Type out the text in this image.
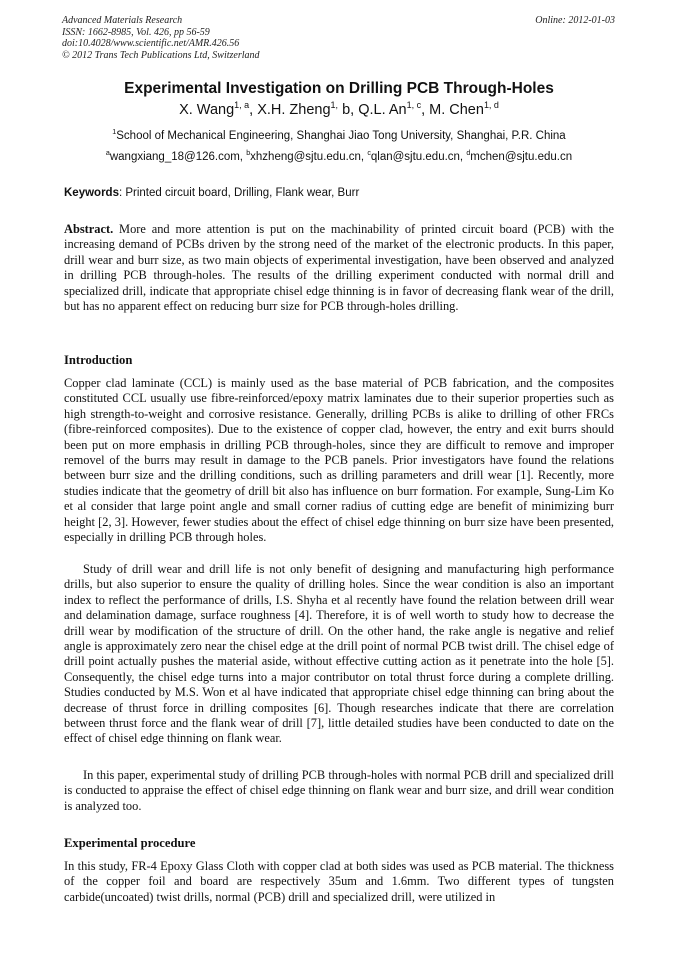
Advanced Materials Research
ISSN: 1662-8985, Vol. 426, pp 56-59
doi:10.4028/www.scientific.net/AMR.426.56
© 2012 Trans Tech Publications Ltd, Switzerland
Online: 2012-01-03
Experimental Investigation on Drilling PCB Through-Holes
X. Wang$^{1, a}$, X.H. Zheng$^{1,}$ b, Q.L. An$^{1, c}$, M. Chen$^{1, d}$
$^1$School of Mechanical Engineering, Shanghai Jiao Tong University, Shanghai, P.R. China
$^a$wangxiang_18@126.com, $^b$xhzheng@sjtu.edu.cn, $^c$qlan@sjtu.edu.cn, $^d$mchen@sjtu.edu.cn
Keywords: Printed circuit board, Drilling, Flank wear, Burr

Abstract. More and more attention is put on the machinability of printed circuit board (PCB) with the increasing demand of PCBs driven by the strong need of the market of the electronic products. In this paper, drill wear and burr size, as two main objects of experimental investigation, have been observed and analyzed in drilling PCB through-holes. The results of the drilling experiment conducted with normal drill and specialized drill, indicate that appropriate chisel edge thinning is in favor of decreasing flank wear of the drill, but has no apparent effect on reducing burr size for PCB through-holes drilling.

Introduction

Copper clad laminate (CCL) is mainly used as the base material of PCB fabrication, and the composites constituted CCL usually use fibre-reinforced/epoxy matrix laminates due to their superior properties such as high strength-to-weight and corrosive resistance. Generally, drilling PCBs is alike to drilling of other FRCs (fibre-reinforced composites). Due to the existence of copper clad, however, the entry and exit burrs should been put on more emphasis in drilling PCB through-holes, since they are difficult to remove and improper removel of the burrs may result in damage to the PCB panels. Prior investigators have found the relations between burr size and the drilling conditions, such as drilling parameters and drill wear [1]. Recently, more studies indicate that the geometry of drill bit also has influence on burr formation. For example, Sung-Lim Ko et al consider that large point angle and small corner radius of cutting edge are benefit of minimizing burr height [2, 3]. However, fewer studies about the effect of chisel edge thinning on burr size have been presented, especially in drilling PCB through holes.

Study of drill wear and drill life is not only benefit of designing and manufacturing high performance drills, but also superior to ensure the quality of drilling holes. Since the wear condition is also an important index to reflect the performance of drills, I.S. Shyha et al recently have found the relation between drill wear and delamination damage, surface roughness [4]. Therefore, it is of well worth to study how to decrease the drill wear by modification of the structure of drill. On the other hand, the rake angle is negative and relief angle is approximately zero near the chisel edge at the drill point of normal PCB twist drill. The chisel edge of drill point actually pushes the material aside, without effective cutting action as it penetrate into the hole [5]. Consequently, the chisel edge turns into a major contributor on total thrust force during a complete drilling. Studies conducted by M.S. Won et al have indicated that appropriate chisel edge thinning can bring about the decrease of thrust force in drilling composites [6]. Though researches indicate that there are correlation between thrust force and the flank wear of drill [7], little detailed studies have been conducted to date on the effect of chisel edge thinning on flank wear.

In this paper, experimental study of drilling PCB through-holes with normal PCB drill and specialized drill is conducted to appraise the effect of chisel edge thinning on flank wear and burr size, and drill wear condition is analyzed too.

Experimental procedure

In this study, FR-4 Epoxy Glass Cloth with copper clad at both sides was used as PCB material. The thickness of the copper foil and board are respectively 35um and 1.6mm. Two different types of tungsten carbide(uncoated) twist drills, normal (PCB) drill and specialized drill, were utilized in
